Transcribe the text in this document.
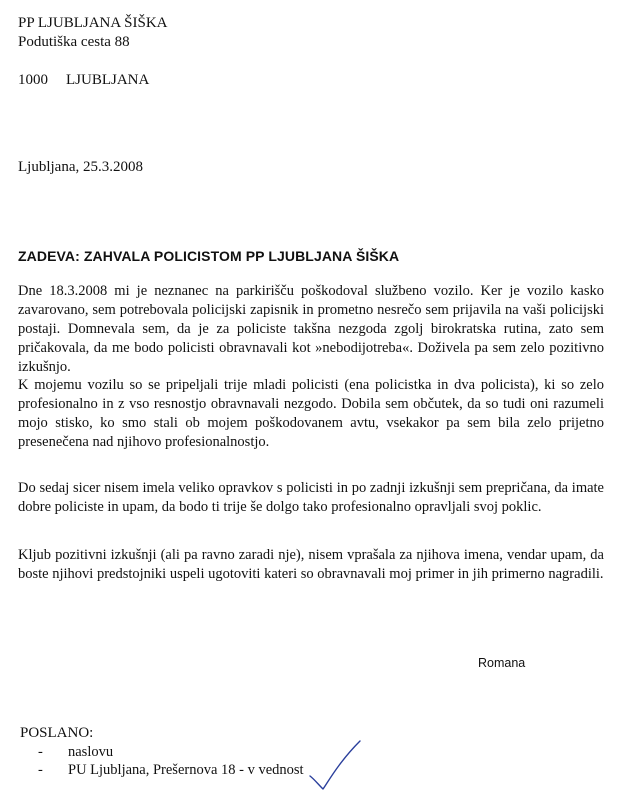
PP LJUBLJANA ŠIŠKA
Podutiška cesta 88
1000 LJUBLJANA
Ljubljana, 25.3.2008
ZADEVA: ZAHVALA POLICISTOM PP LJUBLJANA ŠIŠKA

Dne 18.3.2008 mi je neznanec na parkirišču poškodoval službeno vozilo. Ker je vozilo kasko zavarovano, sem potrebovala policijski zapisnik in prometno nesrečo sem prijavila na vaši policijski postaji. Domnevala sem, da je za policiste takšna nezgoda zgolj birokratska rutina, zato sem pričakovala, da me bodo policisti obravnavali kot »nebodijotreba«. Doživela pa sem zelo pozitivno izkušnjo.

K mojemu vozilu so se pripeljali trije mladi policisti (ena policistka in dva policista), ki so zelo profesionalno in z vso resnostjo obravnavali nezgodo. Dobila sem občutek, da so tudi oni razumeli mojo stisko, ko smo stali ob mojem poškodovanem avtu, vsekakor pa sem bila zelo prijetno presenečena nad njihovo profesionalnostjo.

Do sedaj sicer nisem imela veliko opravkov s policisti in po zadnji izkušnji sem prepričana, da imate dobre policiste in upam, da bodo ti trije še dolgo tako profesionalno opravljali svoj poklic.

Kljub pozitivni izkušnji (ali pa ravno zaradi nje), nisem vprašala za njihova imena, vendar upam, da boste njihovi predstojniki uspeli ugotoviti kateri so obravnavali moj primer in jih primerno nagradili.

Romana
POSLANO:
- naslovu
- PU Ljubljana, Prešernova 18 - v vednost
